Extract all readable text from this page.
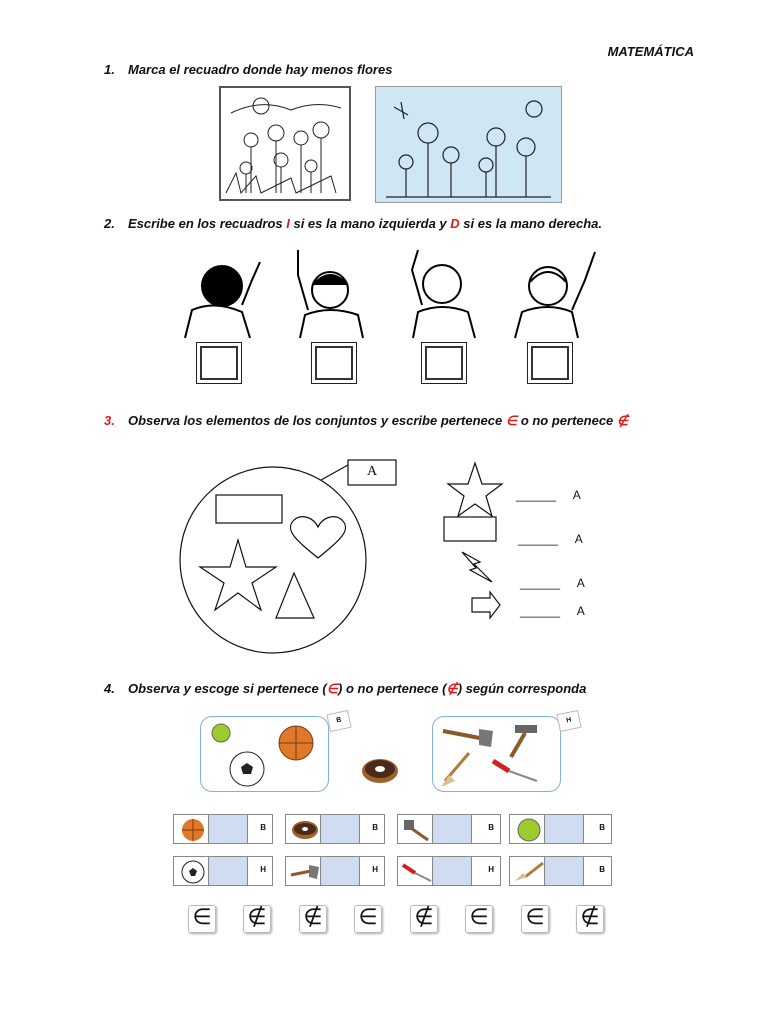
MATEMÁTICA
1. Marca el recuadro donde hay menos flores
2. Escribe en los recuadros I si es la mano izquierda y D si es la mano derecha.
3. Observa los elementos de los conjuntos y escribe pertenece ∈ o no pertenece ∉
A
______ A
______ A
______ A
______ A
4. Observa y escoge si pertenece (∈) o no pertenece (∉) según corresponda
B	H
B	B	B	B
H	H	H	B
∈ ∉ ∉ ∈ ∉ ∈ ∈ ∉
